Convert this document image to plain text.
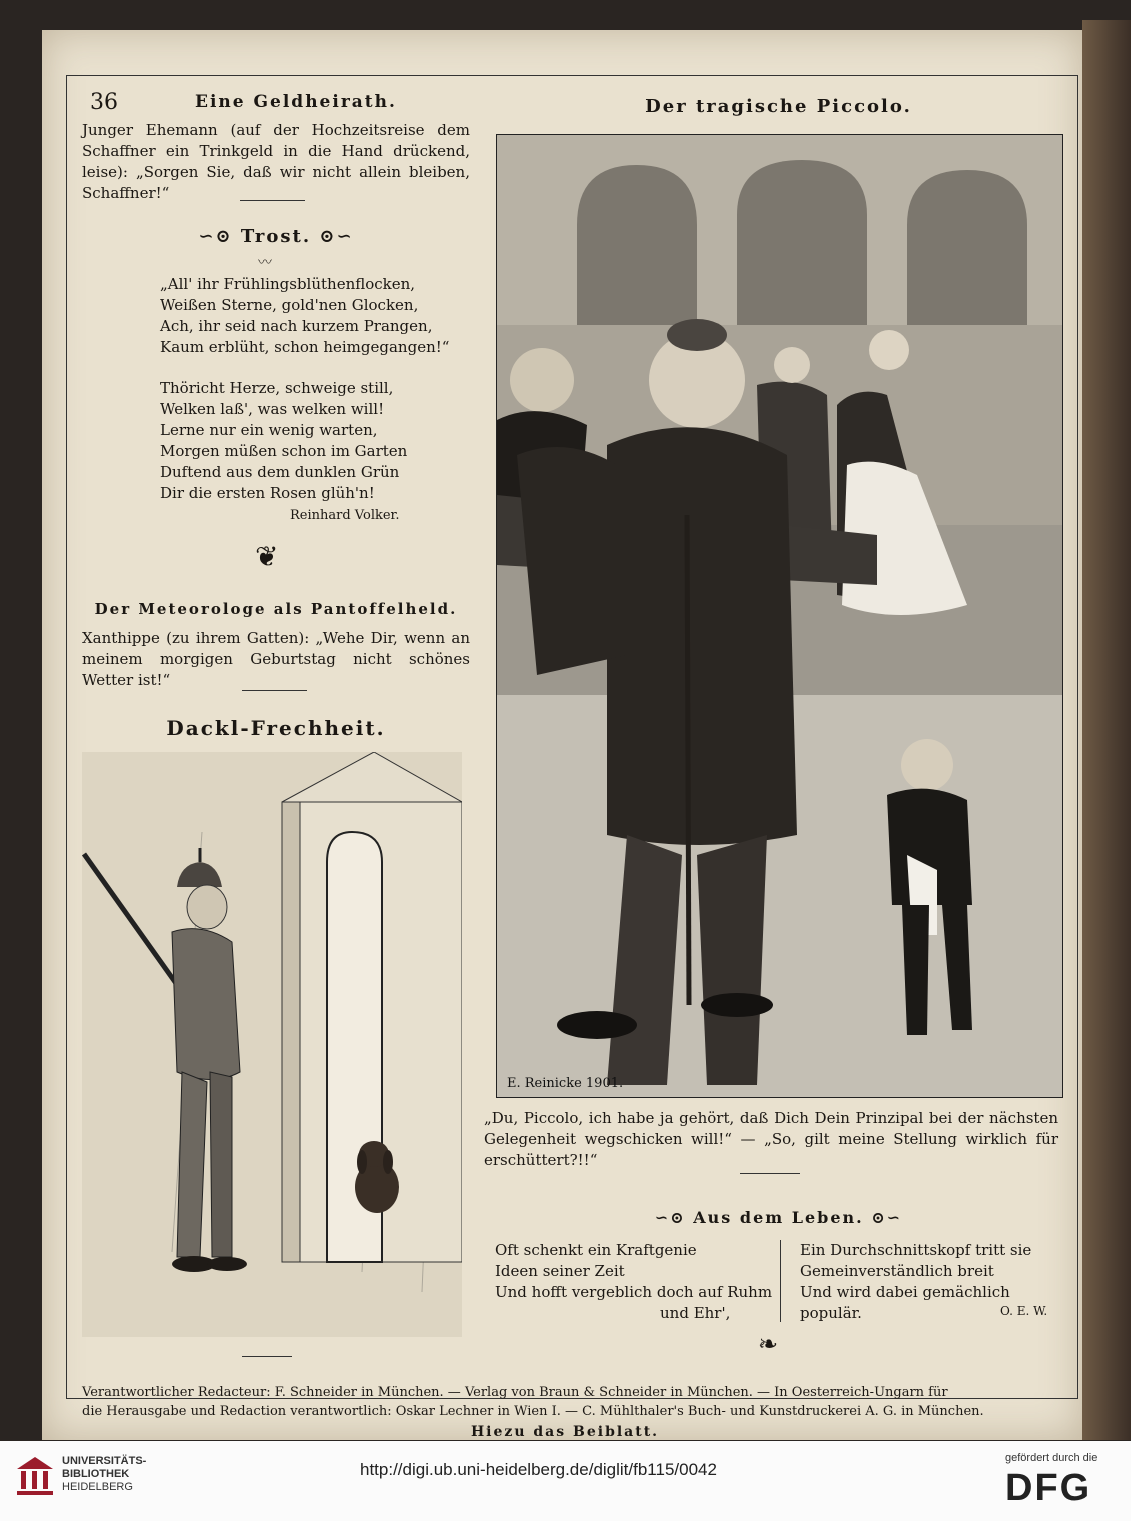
36	Eine Geldheirath.
Junger Ehemann (auf der Hochzeitsreise dem Schaffner ein Trinkgeld in die Hand drückend, leise): „Sorgen Sie, daß wir nicht allein bleiben, Schaffner!“
∽⊙ Trost. ⊙∽
〰
„All' ihr Frühlingsblüthenflocken,
Weißen Sterne, gold'nen Glocken,
Ach, ihr seid nach kurzem Prangen,
Kaum erblüht, schon heimgegangen!“
Thöricht Herze, schweige still,
Welken laß', was welken will!
Lerne nur ein wenig warten,
Morgen müßen schon im Garten
Duftend aus dem dunklen Grün
Dir die ersten Rosen glüh'n!
Reinhard Volker.
❦
Der Meteorologe als Pantoffelheld.
Xanthippe (zu ihrem Gatten): „Wehe Dir, wenn an meinem morgigen Geburtstag nicht schönes Wetter ist!“
Dackl-Frechheit.
Der tragische Piccolo.
E. Reinicke 1901.
„Du, Piccolo, ich habe ja gehört, daß Dich Dein Prinzipal bei der nächsten Gelegenheit wegschicken will!“ — „So, gilt meine Stellung wirklich für erschüttert?!!“
∽⊙ Aus dem Leben. ⊙∽
Oft schenkt ein Kraftgenie
Ideen seiner Zeit
Und hofft vergeblich doch auf Ruhm
und Ehr',
Ein Durchschnittskopf tritt sie
Gemeinverständlich breit
Und wird dabei gemächlich populär.	O. E. W.
❧
Verantwortlicher Redacteur: F. Schneider in München. — Verlag von Braun & Schneider in München. — In Oesterreich-Ungarn für
die Herausgabe und Redaction verantwortlich: Oskar Lechner in Wien I. — C. Mühlthaler's Buch- und Kunstdruckerei A. G. in München.
Hiezu das Beiblatt.
UNIVERSITÄTS-
BIBLIOTHEK
HEIDELBERG
http://digi.ub.uni-heidelberg.de/diglit/fb115/0042
gefördert durch die
DFG
